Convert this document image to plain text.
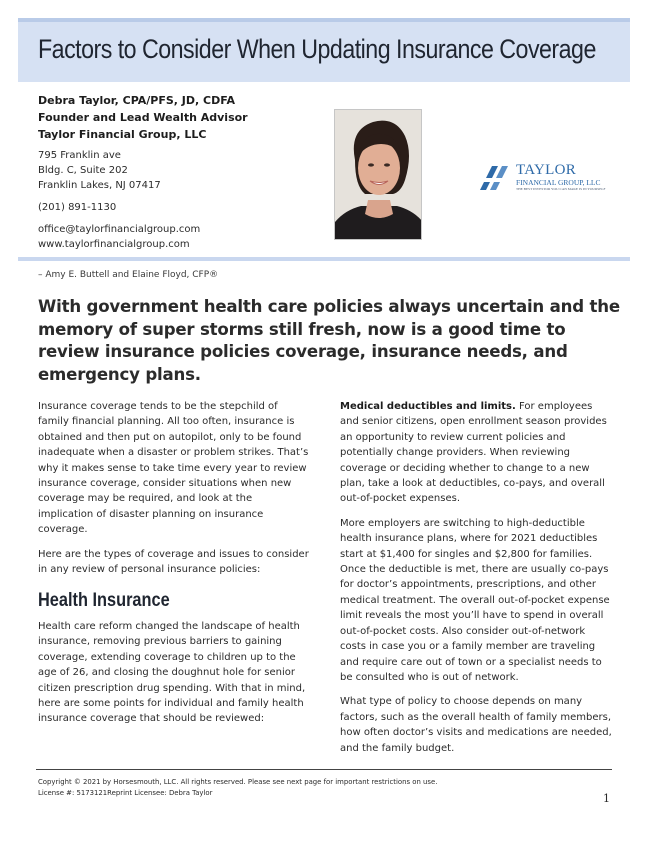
Factors to Consider When Updating Insurance Coverage
Debra Taylor, CPA/PFS, JD, CDFA
Founder and Lead Wealth Advisor
Taylor Financial Group, LLC
795 Franklin ave
Bldg. C, Suite 202
Franklin Lakes, NJ 07417
(201) 891-1130
office@taylorfinancialgroup.com
www.taylorfinancialgroup.com
TAYLOR
FINANCIAL GROUP, LLC
THE BEST INVESTOR YOU CAN MAKE IS IN YOURSELF
– Amy E. Buttell and Elaine Floyd, CFP®
With government health care policies always uncertain and the memory of super storms still fresh, now is a good time to review insurance policies coverage, insurance needs, and emergency plans.

Insurance coverage tends to be the stepchild of family financial planning. All too often, insurance is obtained and then put on autopilot, only to be found inadequate when a disaster or problem strikes. That’s why it makes sense to take time every year to review insurance coverage, consider situations when new coverage may be required, and look at the implication of disaster planning on insurance coverage.

Here are the types of coverage and issues to consider in any review of personal insurance policies:

Health Insurance

Health care reform changed the landscape of health insurance, removing previous barriers to gaining coverage, extending coverage to children up to the age of 26, and closing the doughnut hole for senior citizen prescription drug spending. With that in mind, here are some points for individual and family health insurance coverage that should be reviewed:

Medical deductibles and limits. For employees and senior citizens, open enrollment season provides an opportunity to review current policies and potentially change providers. When reviewing coverage or deciding whether to change to a new plan, take a look at deductibles, co-pays, and overall out-of-pocket expenses.

More employers are switching to high-deductible health insurance plans, where for 2021 deductibles start at $1,400 for singles and $2,800 for families. Once the deductible is met, there are usually co-pays for doctor’s appointments, prescriptions, and other medical treatment. The overall out-of-pocket expense limit reveals the most you’ll have to spend in overall out-of-pocket costs. Also consider out-of-network costs in case you or a family member are traveling and require care out of town or a specialist needs to be consulted who is out of network.

What type of policy to choose depends on many factors, such as the overall health of family members, how often doctor’s visits and medications are needed, and the family budget.

Copyright © 2021 by Horsesmouth, LLC. All rights reserved. Please see next page for important restrictions on use.
License #: 5173121Reprint Licensee: Debra Taylor	1
